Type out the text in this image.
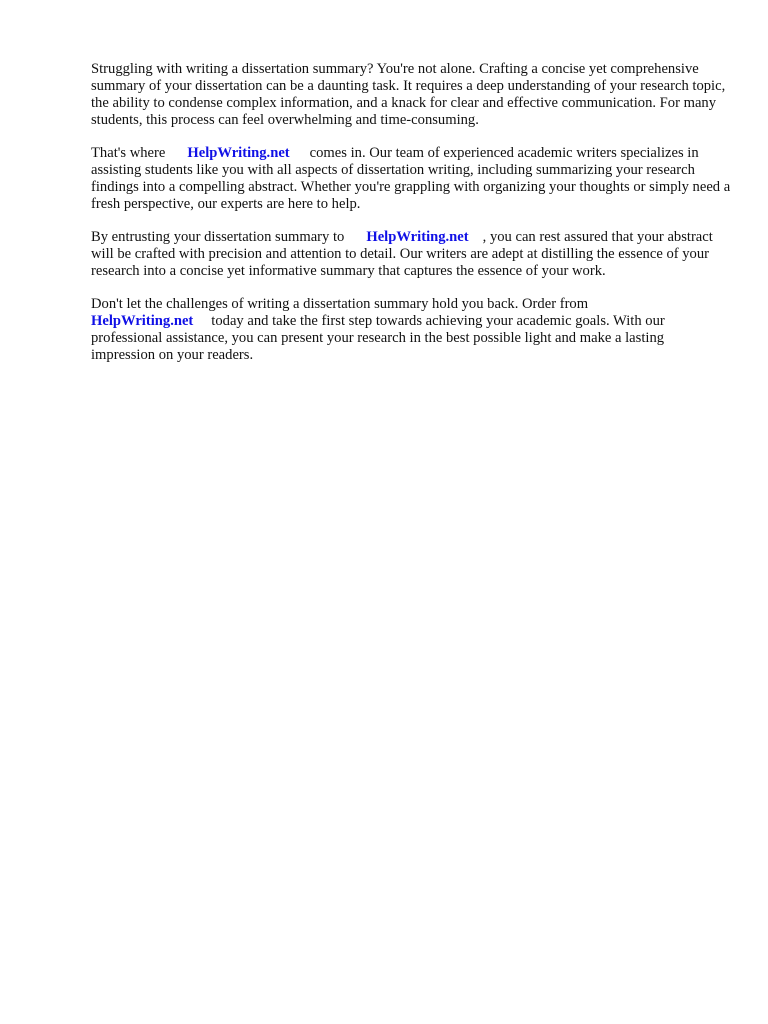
Struggling with writing a dissertation summary? You're not alone. Crafting a concise yet comprehensive summary of your dissertation can be a daunting task. It requires a deep understanding of your research topic, the ability to condense complex information, and a knack for clear and effective communication. For many students, this process can feel overwhelming and time-consuming.

That's where HelpWriting.net comes in. Our team of experienced academic writers specializes in assisting students like you with all aspects of dissertation writing, including summarizing your research findings into a compelling abstract. Whether you're grappling with organizing your thoughts or simply need a fresh perspective, our experts are here to help.

By entrusting your dissertation summary to HelpWriting.net , you can rest assured that your abstract will be crafted with precision and attention to detail. Our writers are adept at distilling the essence of your research into a concise yet informative summary that captures the essence of your work.

Don't let the challenges of writing a dissertation summary hold you back. Order from HelpWriting.net today and take the first step towards achieving your academic goals. With our professional assistance, you can present your research in the best possible light and make a lasting impression on your readers.
